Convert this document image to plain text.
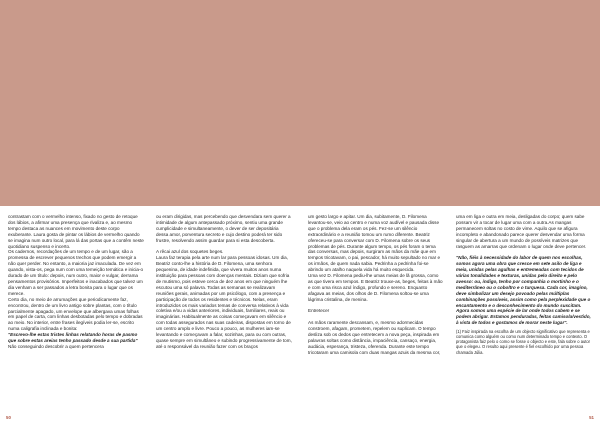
contrastam com o vermelho intenso, fixado no gesto de retoque dos lábios, a afirmar uma presença que rivaliza e, ao mesmo tempo destaca as nuances em movimento deste corpo exuberante. Laura gosta de pintar os lábios de vermelho quando se imagina num outro local, para lá das portas que a contêm neste quotidiano suspenso e incerto.

Os cadernos, recordações de um tempo e de um lugar, são a promessa de escrever pequenos trechos que podem emergir a não quer perder. No entanto, a maioria jaz imaculada. De vez em quando, vista-os, pega num com uma temeição temática e inicia-o durado de um título: depois, num outro, maior e vulgar, derrama pensamentos provisórios. Imperfeitos e inacabados que talvez um dia venham a ser passados a letra bonita para o lugar que os merece.

Certo dia, no meio de arrumações que periodicamente faz, encontrou, dentro de um livro antigo sobre plantas, com o título parcialmente apagado, um envelope que albergava umas folhas em papel de carta, com linhas desbotadas pelo tempo e dobradas ao meio. No interior, entre frases ilegíveis podia ler-se, escrito numa caligrafia inclinada e bonita:

"Escrevo-lhe estas tristes linhas relatando horas de pasmo que sobre estas areias tenho passado desde a sua partida"

Não conseguindo descobrir a quem pertencera

ou eram dirigidas, mas percebendo que desvendara sem querer a intimidade de algum antepassado próximo, sentiu uma grande cumplicidade e simultaneamente, o dever de ser depositária dessa amor, porventura secreto e cujo destino poderá ter sido frustre, resolvendo assim guardar para si esta descoberta.

A rêcai azul dos soquetes beges.

Laura faz terapia pela arte num lar para pessoas idosas. Um dia, Beatriz conto-lhe a história de D. Filomena, uma senhora pequenina, de idade indefinida, que vivera muitos anos numa instituição para pessoas com doenças mentais. Diziam que sofria de mutismo, pois esteve cerca de dez anos em que ninguém lhe escutou uma só palavra. Todas as semanas se realizavam reuniões gerais, animadas por um psicólogo, com a presença e participação de todos os residentes e técnicos. Nelas, eram introduzidos os mais variados temas de conversa relativos à vida coletiva e/ou a vidas anteriores, individuais, familiares, reais ou imaginárias. Habitualmente as coisas começavam em silêncio e com todas assegurados nas suas cadeiras, dispostas em torno de um centro amplo e livre. Pouco a pouco, as mulheres iam-se levantando e começavam a falar, sozinhas, para ou com outras, quase sempre em simultâneo e subindo progressivamente de tom, até o responsável da reunião fazer com os braços

um gesto largo e apitar. Um dia, subitamente, D. Filomena levantou-se, veio ao centro e numa voz audível e pausada disse que o problema dela eram os pés. Fez-se um silêncio extraordinário e a reunião tomou um rumo diferente. Beatriz ofereceu-se para conversar com D. Filomena sobre os seus problemas de pés. Durante algum tempo, os pés foram o tema das conversas, mas depois, surgiram as mãos da mãe que em tempos tricotavam, o pai, pescador, há muito sepultado no mar e os irmãos, de quem nada sabia. Pedrinha a pedrinha foi-se abrindo um atalho naquela vida há muito esquecida.

Uma vez D. Filomena pediu-lhe umas meias de lã grossa, como as que tivera em tempos. E Beatriz trouxe-as, beges, feitas à mão e com uma risca azul índigo, profundo e sereno. Enquanto afagava as meias, dos olhos de D. Filomena soltou-se uma lágrima cristalina, de menina.

Entretecer

As mãos raramente descansam, e, mesmo adormecidas constroem, afagam, prometem, repelem ou suplicam. O tempo desliza sob os dedos que entretecem a nova peça, inspirada em palavras soltas como distância, impaciência, cansaço, energia, audácia, esperança, tristeza, oferenda. Durante este tempo tricotaram uma camisola com duas mangas azuis da mesma cor,

uma em liga e outra em meia, desligadas do corpo; quem sabe possam vir a tocar de lugar uma com a outra.As mangas permanecem soltas no costo de vime. Aquilo que se afigura incompleto e abandonado parece querer desvendar uma forma singular de abertura a um mundo de possíveis matrizes que rasguem as amarras que ordenam o lugar onde deve pertencer.

"Não, fiéis à necessidade do labor de quem nos escolhas, somos agora uma obra que cresce em sete asilo de liga e meia, unidas pelas agulhas e entremeadas com tecidos de várias tonalidades e texturas, unidas pelo direito e pelo avesso: ou, índigo, tenho por companhia o mortinho e o mediterrâneo ou o coboltro e o turquesa. Cada cor, imagino, deve simbolizar um desejo povoado pelas múltiplas combinações possíveis, assim como pela perplexidade que o encantamento e o desconhecimento do mundo suscitam. Agora somos uma espécie de lar onde todos cabem e se podem abrigar. Estamos penduradas, feitas camisola/vestido, à vista de todos e gostamos de morar neste lugar".

(1) Faiz inspirada na escolha de um objecto significativo que representa e comunica como alguém ou como num determinado tempo e contexto. O protagonista faiz pelo o como se fosse o objecto e este, fala sobre o autor que o elegeu. O resulto aqui presente é fiel escolhido por uma pessoa chamada Júlia.

50	51
